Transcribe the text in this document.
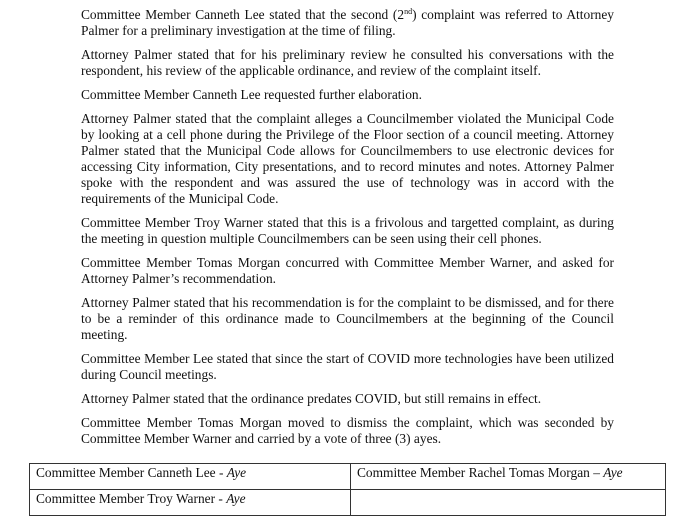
Committee Member Canneth Lee stated that the second (2nd) complaint was referred to Attorney Palmer for a preliminary investigation at the time of filing.

Attorney Palmer stated that for his preliminary review he consulted his conversations with the respondent, his review of the applicable ordinance, and review of the complaint itself.

Committee Member Canneth Lee requested further elaboration.

Attorney Palmer stated that the complaint alleges a Councilmember violated the Municipal Code by looking at a cell phone during the Privilege of the Floor section of a council meeting. Attorney Palmer stated that the Municipal Code allows for Councilmembers to use electronic devices for accessing City information, City presentations, and to record minutes and notes. Attorney Palmer spoke with the respondent and was assured the use of technology was in accord with the requirements of the Municipal Code.

Committee Member Troy Warner stated that this is a frivolous and targetted complaint, as during the meeting in question multiple Councilmembers can be seen using their cell phones.

Committee Member Tomas Morgan concurred with Committee Member Warner, and asked for Attorney Palmer’s recommendation.

Attorney Palmer stated that his recommendation is for the complaint to be dismissed, and for there to be a reminder of this ordinance made to Councilmembers at the beginning of the Council meeting.

Committee Member Lee stated that since the start of COVID more technologies have been utilized during Council meetings.

Attorney Palmer stated that the ordinance predates COVID, but still remains in effect.

Committee Member Tomas Morgan moved to dismiss the complaint, which was seconded by Committee Member Warner and carried by a vote of three (3) ayes.

Committee Member Canneth Lee - Aye	Committee Member Rachel Tomas Morgan – Aye
Committee Member Troy Warner - Aye	
